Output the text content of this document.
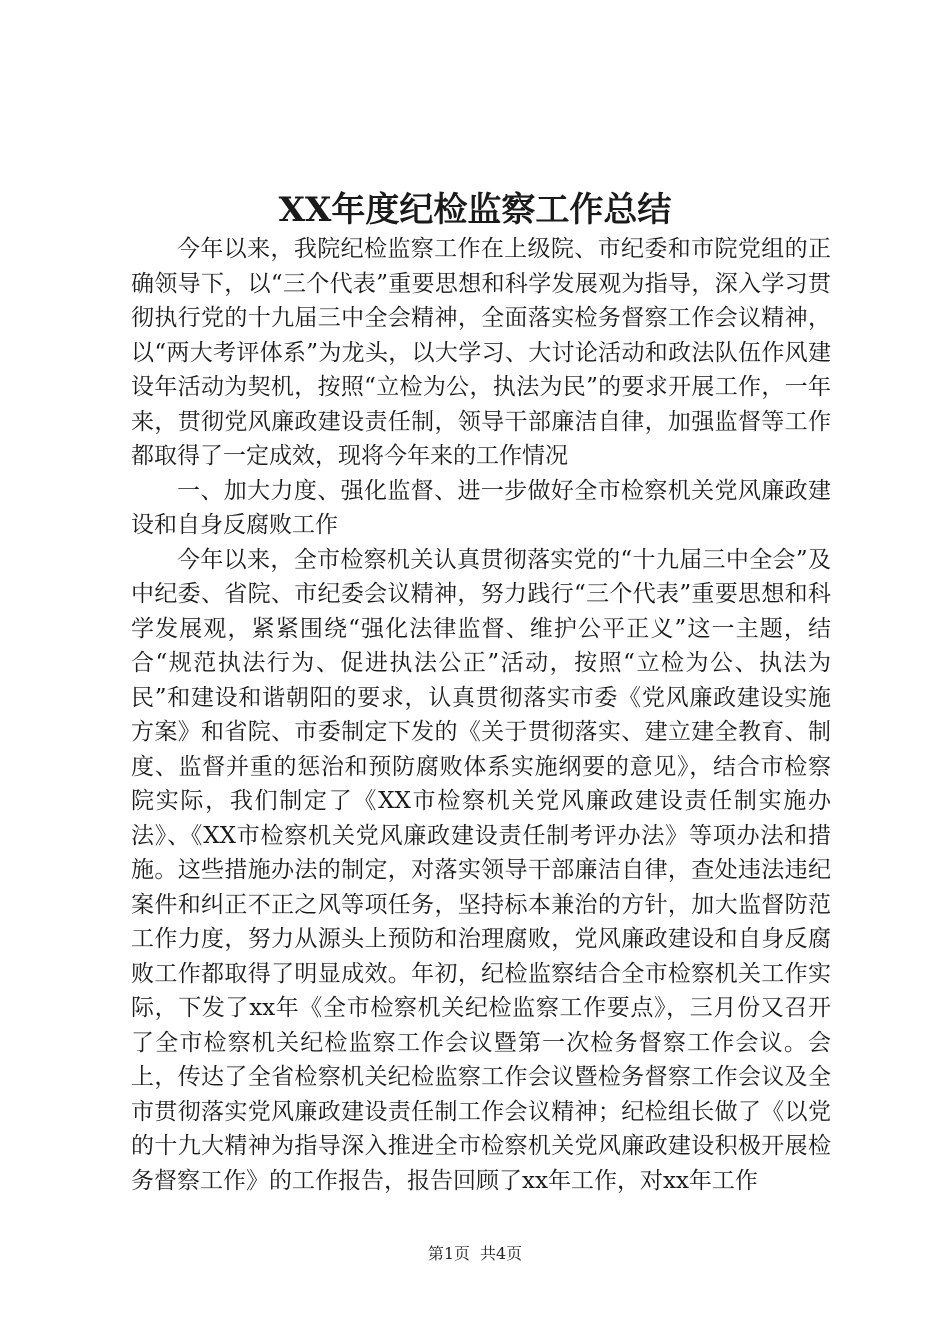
XX年度纪检监察工作总结

今年以来，我院纪检监察工作在上级院、市纪委和市院党组的正确领导下，以“三个代表”重要思想和科学发展观为指导，深入学习贯彻执行党的十九届三中全会精神，全面落实检务督察工作会议精神，以“两大考评体系”为龙头，以大学习、大讨论活动和政法队伍作风建设年活动为契机，按照“立检为公，执法为民”的要求开展工作，一年来，贯彻党风廉政建设责任制，领导干部廉洁自律，加强监督等工作都取得了一定成效，现将今年来的工作情况

一、加大力度、强化监督、进一步做好全市检察机关党风廉政建设和自身反腐败工作

今年以来，全市检察机关认真贯彻落实党的“十九届三中全会”及中纪委、省院、市纪委会议精神，努力践行“三个代表”重要思想和科学发展观，紧紧围绕“强化法律监督、维护公平正义”这一主题，结合“规范执法行为、促进执法公正”活动，按照“立检为公、执法为民”和建设和谐朝阳的要求，认真贯彻落实市委《党风廉政建设实施方案》和省院、市委制定下发的《关于贯彻落实、建立建全教育、制度、监督并重的惩治和预防腐败体系实施纲要的意见》，结合市检察院实际，我们制定了《XX市检察机关党风廉政建设责任制实施办法》、《XX市检察机关党风廉政建设责任制考评办法》等项办法和措施。这些措施办法的制定，对落实领导干部廉洁自律，查处违法违纪案件和纠正不正之风等项任务，坚持标本兼治的方针，加大监督防范工作力度，努力从源头上预防和治理腐败，党风廉政建设和自身反腐败工作都取得了明显成效。年初，纪检监察结合全市检察机关工作实际，下发了xx年《全市检察机关纪检监察工作要点》，三月份又召开了全市检察机关纪检监察工作会议暨第一次检务督察工作会议。会上，传达了全省检察机关纪检监察工作会议暨检务督察工作会议及全市贯彻落实党风廉政建设责任制工作会议精神；纪检组长做了《以党的十九大精神为指导深入推进全市检察机关党风廉政建设积极开展检务督察工作》的工作报告，报告回顾了xx年工作，对xx年工作

第1页 共4页
